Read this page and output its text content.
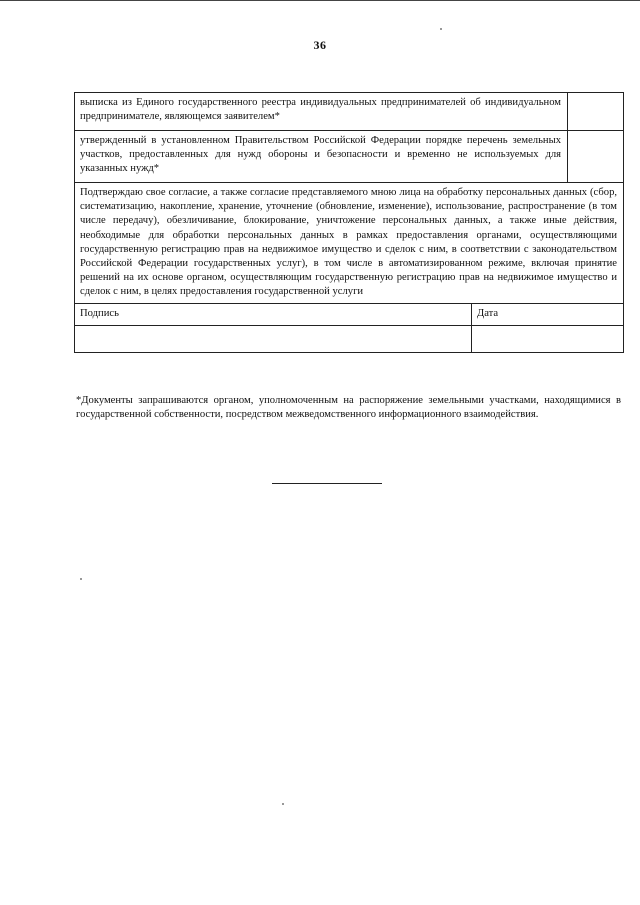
36
выписка из Единого государственного реестра индивидуальных предпринимателей об индивидуальном предпринимателе, являющемся заявителем*		
утвержденный в установленном Правительством Российской Федерации порядке перечень земельных участков, предоставленных для нужд обороны и безопасности и временно не используемых для указанных нужд*		
Подтверждаю свое согласие, а также согласие представляемого мною лица на обработку персональных данных (сбор, систематизацию, накопление, хранение, уточнение (обновление, изменение), использование, распространение (в том числе передачу), обезличивание, блокирование, уничтожение персональных данных, а также иные действия, необходимые для обработки персональных данных в рамках предоставления органами, осуществляющими государственную регистрацию прав на недвижимое имущество и сделок с ним, в соответствии с законодательством Российской Федерации государственных услуг), в том числе в автоматизированном режиме, включая принятие решений на их основе органом, осуществляющим государственную регистрацию прав на недвижимое имущество и сделок с ним, в целях предоставления государственной услуги		
Подпись	Дата	

*Документы запрашиваются органом, уполномоченным на распоряжение земельными участками, находящимися в государственной собственности, посредством межведомственного информационного взаимодействия.
